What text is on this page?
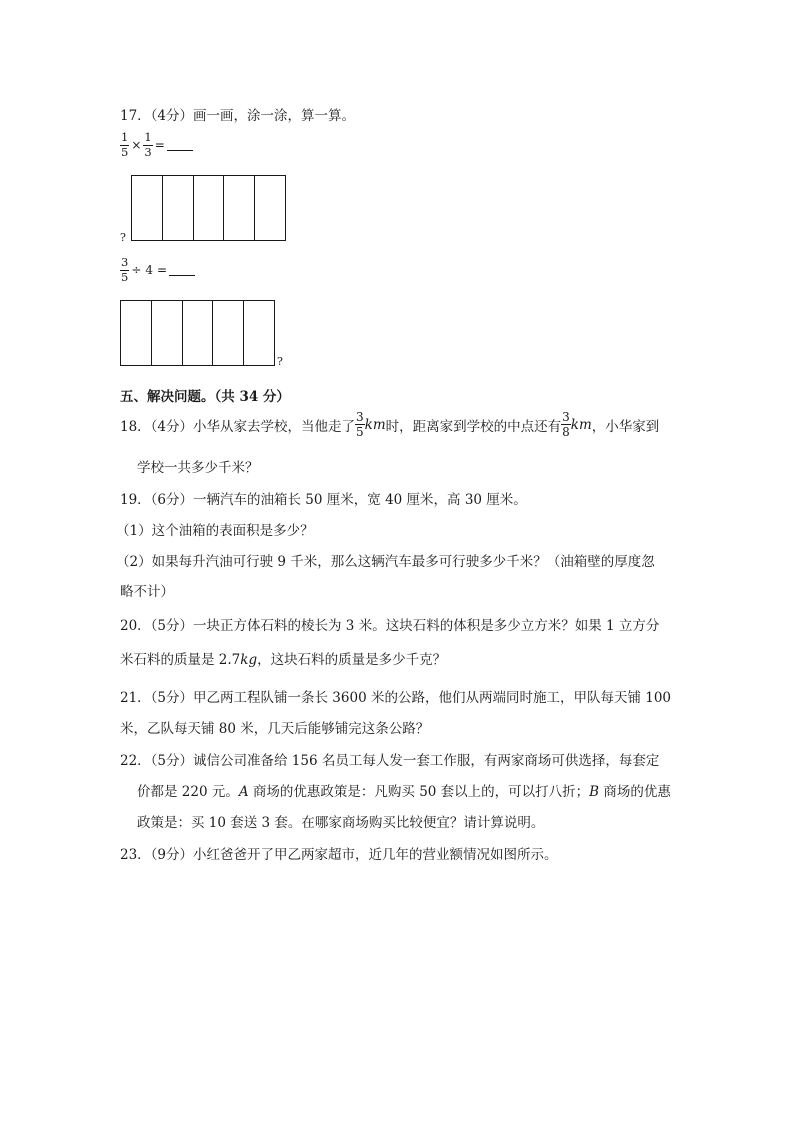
17．（4分）画一画，涂一涂，算一算。
$\frac{1}{5} \times \frac{1}{3}$ =
?
$\frac{3}{5} \div 4$ =
?
五、解决问题。（共 34 分）
18．（4分）小华从家去学校，当他走了 $\frac{3}{5}$ km 时，距离家到学校的中点还有 $\frac{3}{8}$ km ，小华家到
学校一共多少千米？
19．（6分）一辆汽车的油箱长 50 厘米，宽 40 厘米，高 30 厘米。
（1）这个油箱的表面积是多少？
（2）如果每升汽油可行驶 9 千米，那么这辆汽车最多可行驶多少千米？（油箱壁的厚度忽
略不计）
20．（5分）一块正方体石料的棱长为 3 米。这块石料的体积是多少立方米？如果 1 立方分
米石料的质量是 2.7kg，这块石料的质量是多少千克？
21．（5分）甲乙两工程队铺一条长 3600 米的公路，他们从两端同时施工，甲队每天铺 100
米，乙队每天铺 80 米，几天后能够铺完这条公路？
22．（5分）诚信公司准备给 156 名员工每人发一套工作服，有两家商场可供选择，每套定
价都是 220 元。A 商场的优惠政策是：凡购买 50 套以上的，可以打八折；B 商场的优惠
政策是：买 10 套送 3 套。在哪家商场购买比较便宜？请计算说明。
23．（9分）小红爸爸开了甲乙两家超市，近几年的营业额情况如图所示。
